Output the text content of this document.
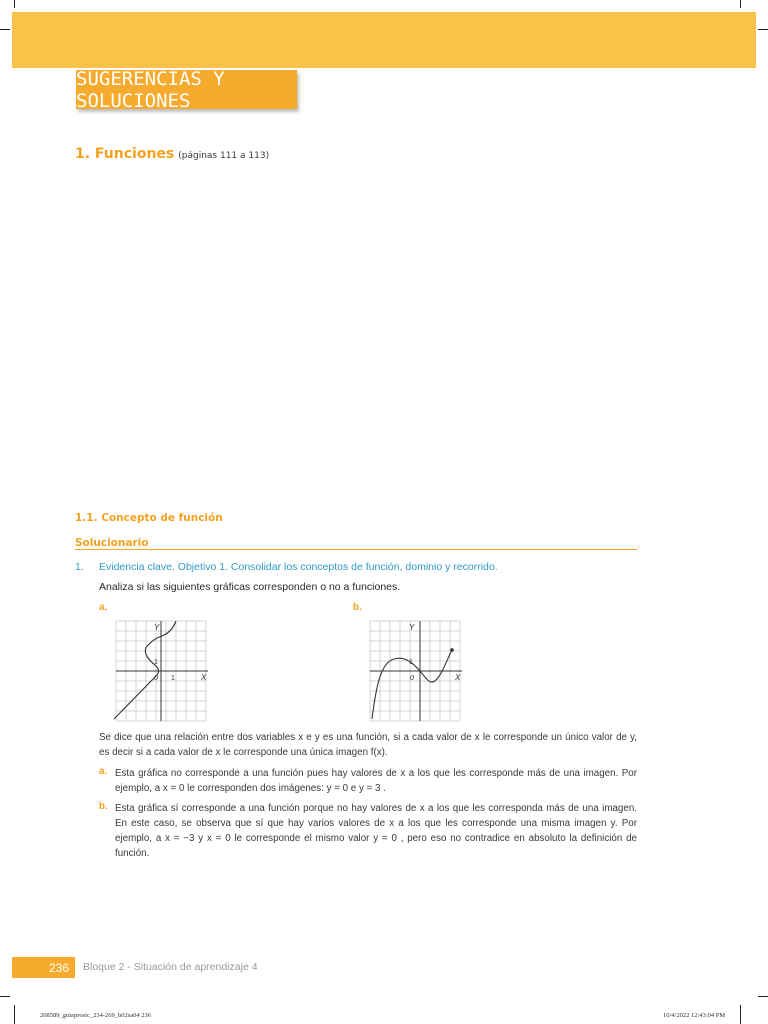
SUGERENCIAS Y SOLUCIONES
1. Funciones (páginas 111 a 113)
1.1. Concepto de función
Solucionario
1. Evidencia clave. Objetivo 1. Consolidar los conceptos de función, dominio y recorrido.
Analiza si las siguientes gráficas corresponden o no a funciones.
a.
Y
X
0
1
1
b.
Y
X
0
1
Se dice que una relación entre dos variables x e y es una función, si a cada valor de x le corresponde un único valor de y, es decir si a cada valor de x le corresponde una única imagen f(x).
a. Esta gráfica no corresponde a una función pues hay valores de x a los que les corresponde más de una imagen. Por ejemplo, a x = 0 le corresponden dos imágenes: y = 0 e y = 3 .
b. Esta gráfica sí corresponde a una función porque no hay valores de x a los que les corresponda más de una imagen. En este caso, se observa que sí que hay varios valores de x a los que les corresponde una misma imagen y. Por ejemplo, a x = −3 y x = 0 le corresponde el mismo valor y = 0 , pero eso no contradice en absoluto la definición de función.
236	Bloque 2 - Situación de aprendizaje 4
208589_guiaprosic_234-269_b02sa04 236	10/4/2022 12:43:04 PM
